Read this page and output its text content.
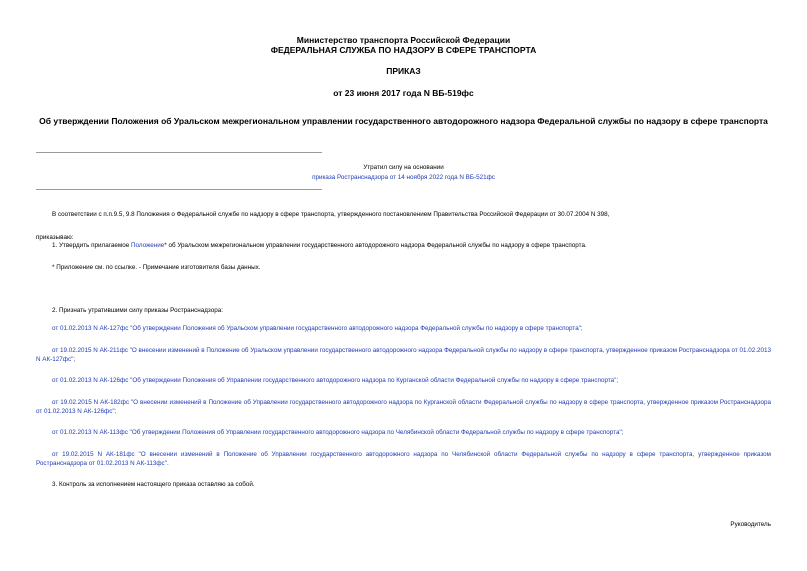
Министерство транспорта Российской Федерации
ФЕДЕРАЛЬНАЯ СЛУЖБА ПО НАДЗОРУ В СФЕРЕ ТРАНСПОРТА
ПРИКАЗ
от 23 июня 2017 года N ВБ-519фс
Об утверждении Положения об Уральском межрегиональном управлении государственного автодорожного надзора Федеральной службы по надзору в сфере транспорта
Утратил силу на основании
приказа Ространснадзора от 14 ноября 2022 года N ВБ-521фс
В соответствии с п.п.9.5, 9.8 Положения о Федеральной службе по надзору в сфере транспорта, утвержденного постановлением Правительства Российской Федерации от 30.07.2004 N 398,
приказываю:
1. Утвердить прилагаемое Положение* об Уральском межрегиональном управлении государственного автодорожного надзора Федеральной службы по надзору в сфере транспорта.
* Приложение см. по ссылке. - Примечание изготовителя базы данных.
2. Признать утратившими силу приказы Ространснадзора:
от 01.02.2013 N АК-127фс "Об утверждении Положения об Уральском управлении государственного автодорожного надзора Федеральной службы по надзору в сфере транспорта";
от 19.02.2015 N АК-211фс "О внесении изменений в Положение об Уральском управлении государственного автодорожного надзора Федеральной службы по надзору в сфере транспорта, утвержденное приказом Ространснадзора от 01.02.2013 N АК-127фс";
от 01.02.2013 N АК-126фс "Об утверждении Положения об Управлении государственного автодорожного надзора по Курганской области Федеральной службы по надзору в сфере транспорта";
от 19.02.2015 N АК-182фс "О внесении изменений в Положение об Управлении государственного автодорожного надзора по Курганской области Федеральной службы по надзору в сфере транспорта, утвержденное приказом Ространснадзора от 01.02.2013 N АК-126фс";
от 01.02.2013 N АК-113фс "Об утверждении Положения об Управлении государственного автодорожного надзора по Челябинской области Федеральной службы по надзору в сфере транспорта";
от 19.02.2015 N АК-181фс "О внесении изменений в Положение об Управлении государственного автодорожного надзора по Челябинской области Федеральной службы по надзору в сфере транспорта, утвержденное приказом Ространснадзора от 01.02.2013 N АК-113фс".
3. Контроль за исполнением настоящего приказа оставляю за собой.
Руководитель
